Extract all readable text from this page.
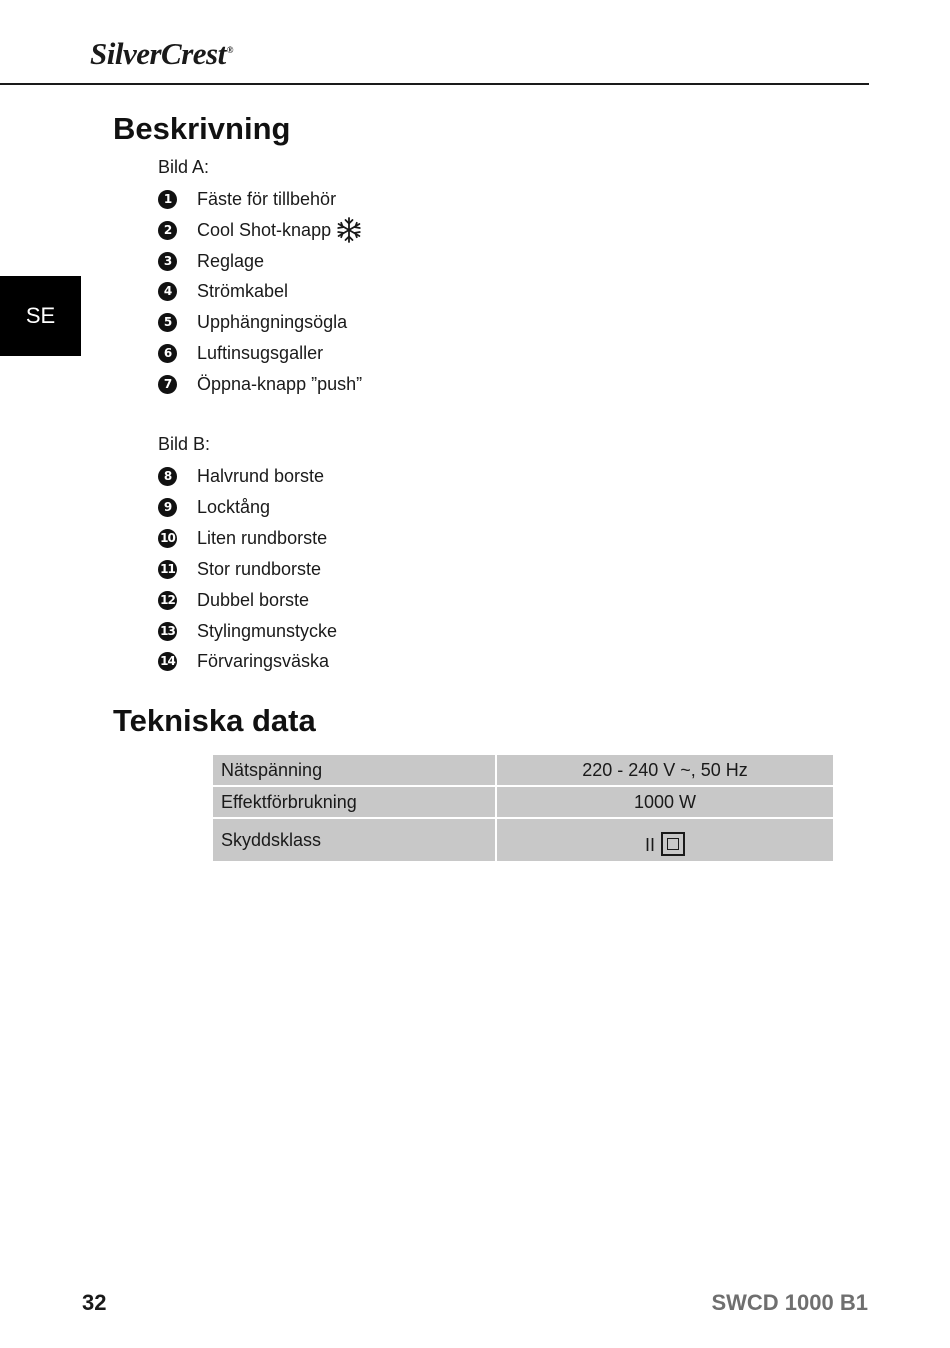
SilverCrest®
SE
Beskrivning
Bild A:
1	Fäste för tillbehör
2	Cool Shot-knapp
3	Reglage
4	Strömkabel
5	Upphängningsögla
6	Luftinsugsgaller
7	Öppna-knapp ”push”
Bild B:
8	Halvrund borste
9	Locktång
10 Liten rundborste
11 Stor rundborste
12 Dubbel borste
13 Stylingmunstycke
14 Förvaringsväska
Tekniska data
Nätspänning	220 - 240 V ~, 50 Hz
Effektförbrukning	1000 W
Skyddsklass	II
32	SWCD 1000 B1
